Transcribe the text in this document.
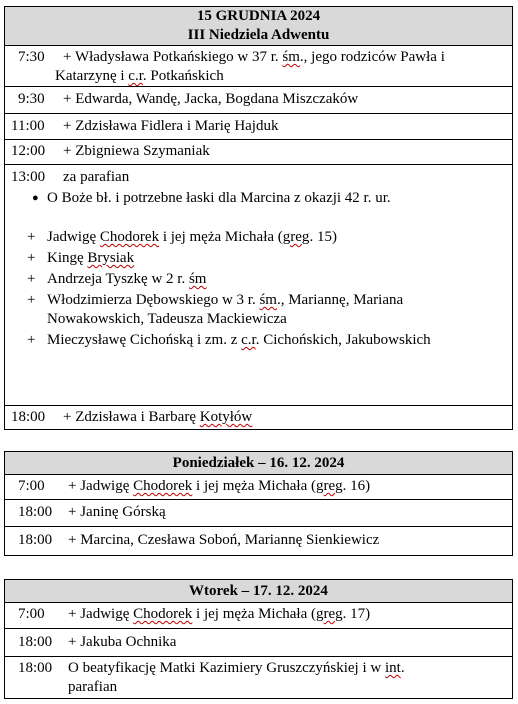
15 GRUDNIA 2024
III Niedziela Adwentu

7:30 + Władysława Potkańskiego w 37 r. śm., jego rodziców Pawła i
Katarzynę i c.r. Potkańskich

9:30	+ Edwarda, Wandę, Jacka, Bogdana Miszczaków

11:00	+ Zdzisława Fidlera i Marię Hajduk

12:00	+ Zbigniewa Szymaniak

13:00	za parafian
● O Boże bł. i potrzebne łaski dla Marcina z okazji 42 r. ur.
+ Jadwigę Chodorek i jej męża Michała (greg. 15)
+ Kingę Brysiak
+ Andrzeja Tyszkę w 2 r. śm
+ Włodzimierza Dębowskiego w 3 r. śm., Mariannę, Mariana
Nowakowskich, Tadeusza Mackiewicza
+ Mieczysławę Cichońską i zm. z c.r. Cichońskich, Jakubowskich

18:00	+ Zdzisława i Barbarę Kotyłów
Poniedziałek – 16. 12. 2024

7:00	+ Jadwigę Chodorek i jej męża Michała (greg. 16)

18:00	+ Janinę Górską

18:00	+ Marcina, Czesława Soboń, Mariannę Sienkiewicz
Wtorek – 17. 12. 2024

7:00	+ Jadwigę Chodorek i jej męża Michała (greg. 17)

18:00	+ Jakuba Ochnika

18:00	O beatyfikację Matki Kazimiery Gruszczyńskiej i w int.
parafian
